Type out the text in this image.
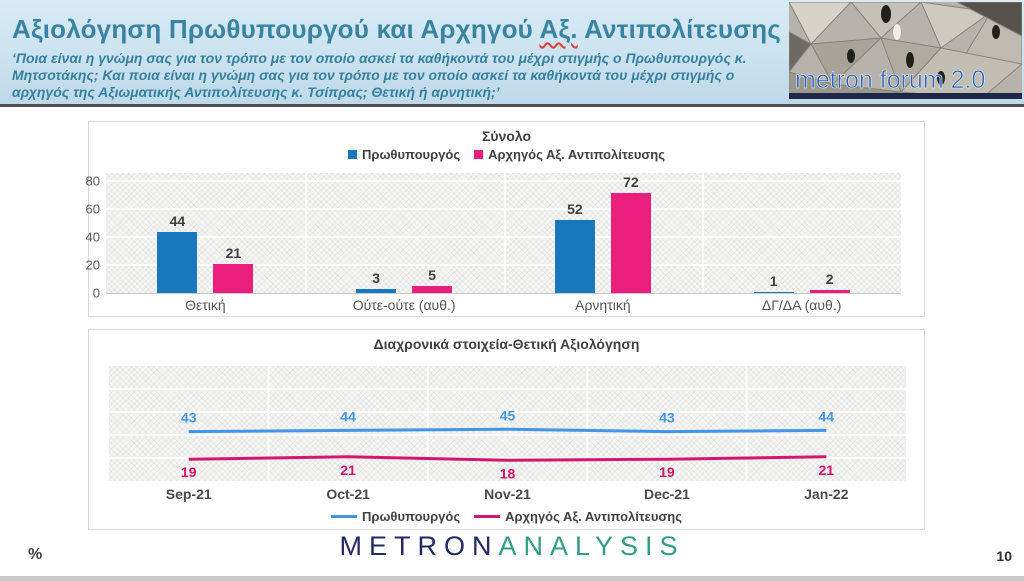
Αξιολόγηση Πρωθυπουργού και Αρχηγού Αξ. Αντιπολίτευσης

‘Ποια είναι η γνώμη σας για τον τρόπο με τον οποίο ασκεί τα καθήκοντά του μέχρι στιγμής ο Πρωθυπουργός κ. Μητσοτάκης; Και ποια είναι η γνώμη σας για τον τρόπο με τον οποίο ασκεί τα καθήκοντά του μέχρι στιγμής ο αρχηγός της Αξιωματικής Αντιπολίτευσης κ. Τσίπρας; Θετική ή αρνητική;’	metron forum 2.0
Σύνολο
Πρωθυπουργός Αρχηγός Αξ. Αντιπολίτευσης
0
20
40
60
80
44
21
3	5
52
72
1	2
Θετική	Ούτε-ούτε (αυθ.)	Αρνητική	ΔΓ/ΔΑ (αυθ.)
Διαχρονικά στοιχεία-Θετική Αξιολόγηση
43	44	45	43	44
19	21	18	19	21
Sep-21	Oct-21	Nov-21	Dec-21	Jan-22
Πρωθυπουργός	Αρχηγός Αξ. Αντιπολίτευσης
%	METRONANALYSIS	10
